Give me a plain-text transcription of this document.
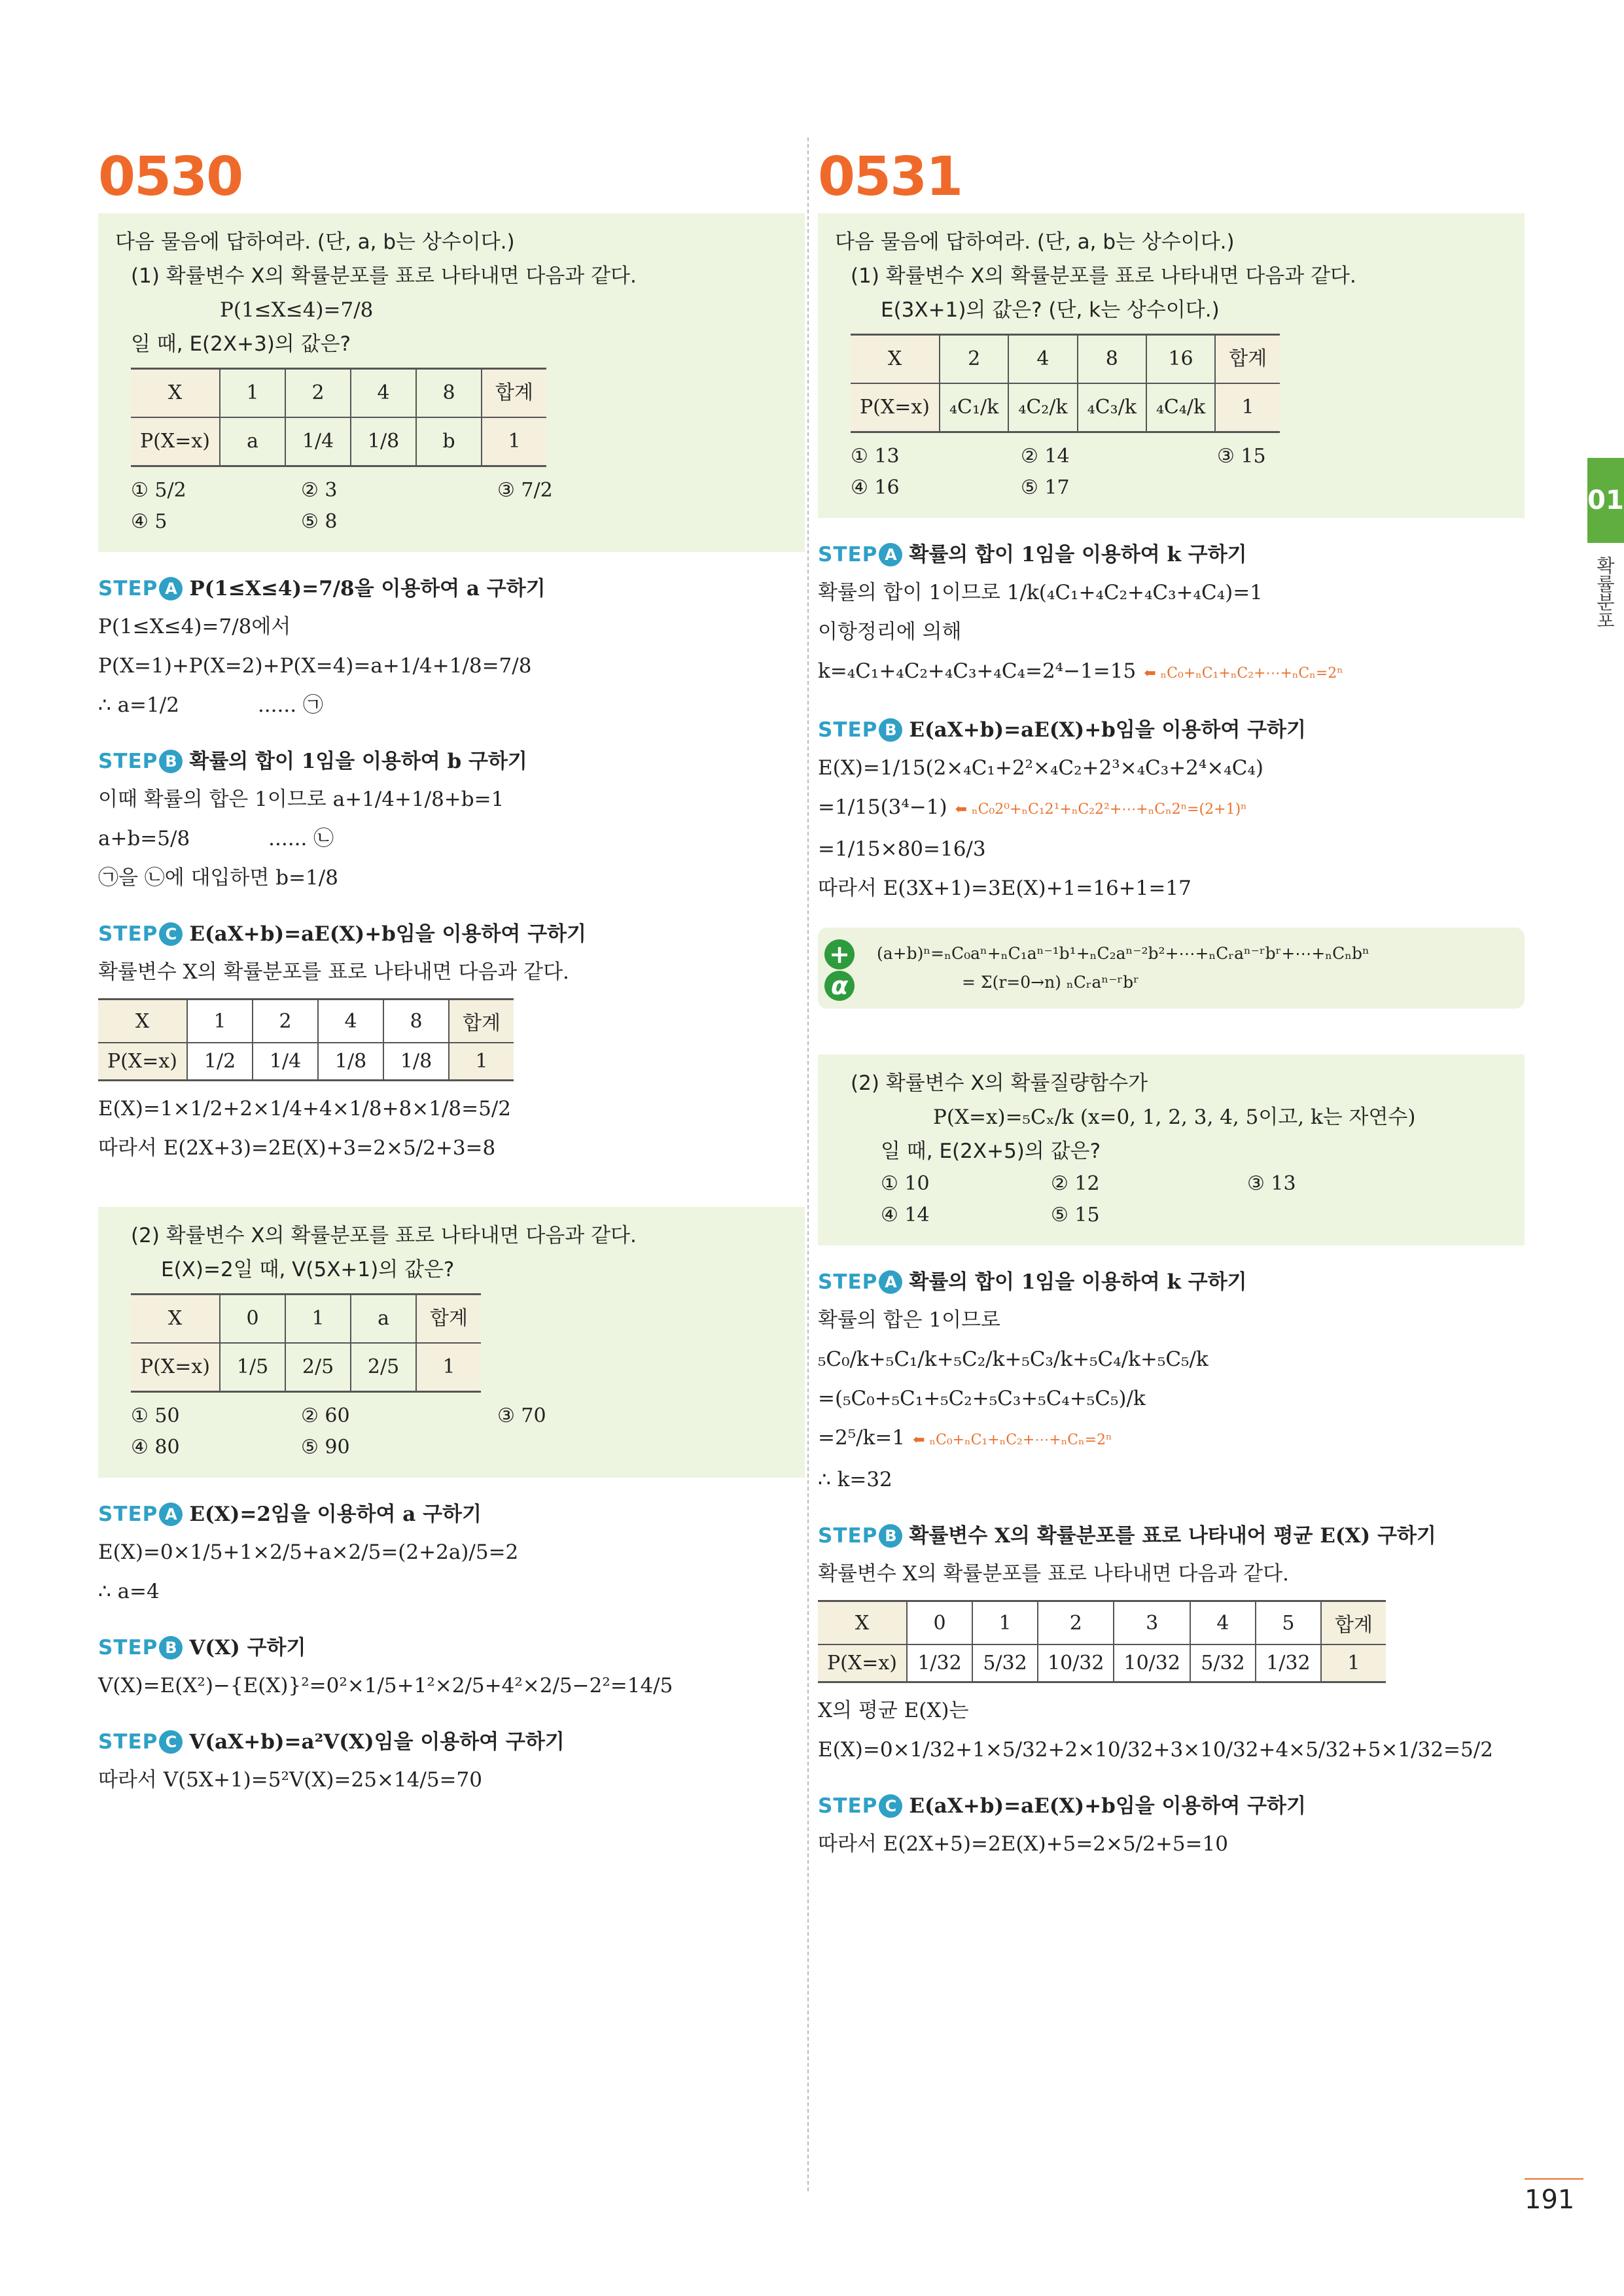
0530
다음 물음에 답하여라. (단, a, b는 상수이다.)
(1) 확률변수 X의 확률분포를 표로 나타내면 다음과 같다.
P(1≤X≤4)=7/8
일 때, E(2X+3)의 값은?
X	1	2	4	8	합계
P(X=x)	a	1/4	1/8	b	1
① 5/2	② 3	③ 7/2
④ 5	⑤ 8
STEP A P(1≤X≤4)=7/8을 이용하여 a 구하기
P(1≤X≤4)=7/8에서
P(X=1)+P(X=2)+P(X=4)=a+1/4+1/8=7/8
∴ a=1/2	...... ㉠
STEP B 확률의 합이 1임을 이용하여 b 구하기
이때 확률의 합은 1이므로 a+1/4+1/8+b=1
a+b=5/8	...... ㉡
㉠을 ㉡에 대입하면 b=1/8
STEP C E(aX+b)=aE(X)+b임을 이용하여 구하기
확률변수 X의 확률분포를 표로 나타내면 다음과 같다.
X	1	2	4	8	합계
P(X=x)	1/2	1/4	1/8	1/8	1
E(X)=1×1/2+2×1/4+4×1/8+8×1/8=5/2
따라서 E(2X+3)=2E(X)+3=2×5/2+3=8
(2) 확률변수 X의 확률분포를 표로 나타내면 다음과 같다.
E(X)=2일 때, V(5X+1)의 값은?
X	0	1	a	합계
P(X=x)	1/5	2/5	2/5	1
① 50	② 60	③ 70
④ 80	⑤ 90
STEP A E(X)=2임을 이용하여 a 구하기
E(X)=0×1/5+1×2/5+a×2/5=(2+2a)/5=2
∴ a=4
STEP B V(X) 구하기
V(X)=E(X²)−{E(X)}²=0²×1/5+1²×2/5+4²×2/5−2²=14/5
STEP C V(aX+b)=a²V(X)임을 이용하여 구하기
따라서 V(5X+1)=5²V(X)=25×14/5=70
0531
다음 물음에 답하여라. (단, a, b는 상수이다.)
(1) 확률변수 X의 확률분포를 표로 나타내면 다음과 같다.
E(3X+1)의 값은? (단, k는 상수이다.)
X	2	4	8	16	합계
P(X=x)	₄C₁/k	₄C₂/k	₄C₃/k	₄C₄/k	1
① 13	② 14	③ 15
④ 16	⑤ 17
STEP A 확률의 합이 1임을 이용하여 k 구하기
확률의 합이 1이므로 1/k(₄C₁+₄C₂+₄C₃+₄C₄)=1
이항정리에 의해
k=₄C₁+₄C₂+₄C₃+₄C₄=2⁴−1=15 ⬅ ₙC₀+ₙC₁+ₙC₂+⋯+ₙCₙ=2ⁿ
STEP B E(aX+b)=aE(X)+b임을 이용하여 구하기
E(X)=1/15(2×₄C₁+2²×₄C₂+2³×₄C₃+2⁴×₄C₄)
=1/15(3⁴−1) ⬅ ₙC₀2⁰+ₙC₁2¹+ₙC₂2²+⋯+ₙCₙ2ⁿ=(2+1)ⁿ
=1/15×80=16/3
따라서 E(3X+1)=3E(X)+1=16+1=17
+
α
(a+b)ⁿ=ₙC₀aⁿ+ₙC₁aⁿ⁻¹b¹+ₙC₂aⁿ⁻²b²+⋯+ₙCᵣaⁿ⁻ʳbʳ+⋯+ₙCₙbⁿ
= Σ(r=0→n) ₙCᵣaⁿ⁻ʳbʳ
(2) 확률변수 X의 확률질량함수가
P(X=x)=₅Cₓ/k (x=0, 1, 2, 3, 4, 5이고, k는 자연수)
일 때, E(2X+5)의 값은?
① 10	② 12	③ 13
④ 14	⑤ 15
STEP A 확률의 합이 1임을 이용하여 k 구하기
확률의 합은 1이므로
₅C₀/k+₅C₁/k+₅C₂/k+₅C₃/k+₅C₄/k+₅C₅/k
=(₅C₀+₅C₁+₅C₂+₅C₃+₅C₄+₅C₅)/k
=2⁵/k=1 ⬅ ₙC₀+ₙC₁+ₙC₂+⋯+ₙCₙ=2ⁿ
∴ k=32
STEP B 확률변수 X의 확률분포를 표로 나타내어 평균 E(X) 구하기
확률변수 X의 확률분포를 표로 나타내면 다음과 같다.
X	0	1	2	3	4	5	합계
P(X=x)	1/32	5/32	10/32	10/32	5/32	1/32	1
X의 평균 E(X)는
E(X)=0×1/32+1×5/32+2×10/32+3×10/32+4×5/32+5×1/32=5/2
STEP C E(aX+b)=aE(X)+b임을 이용하여 구하기
따라서 E(2X+5)=2E(X)+5=2×5/2+5=10
01
확률분포
191
